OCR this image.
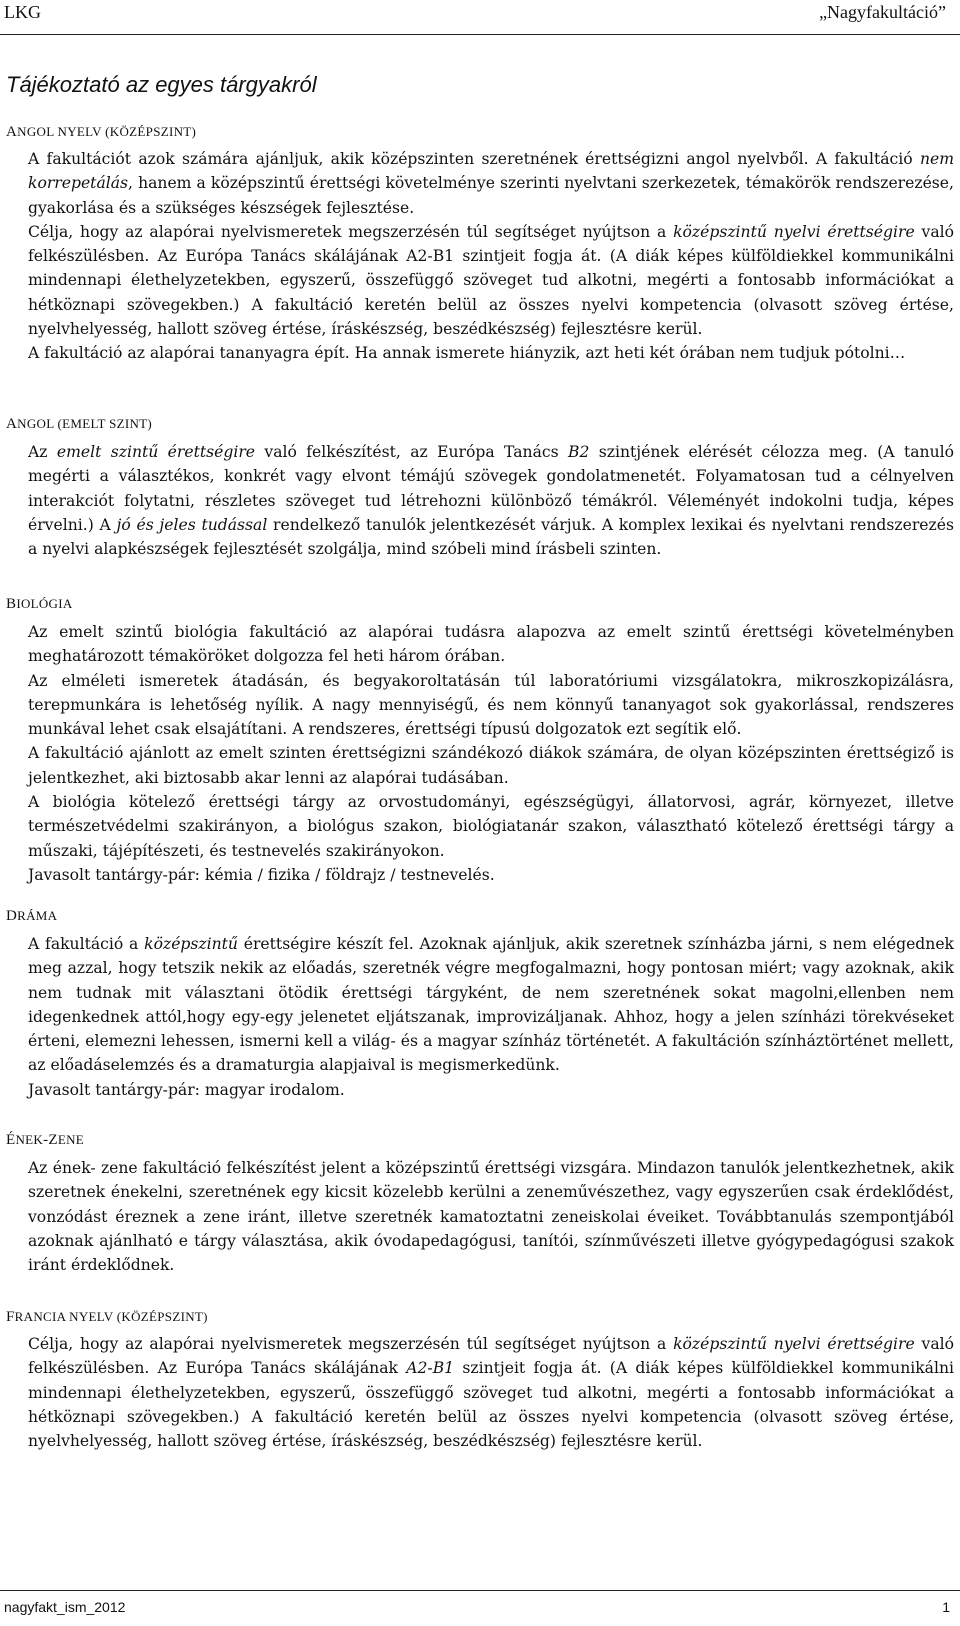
LKG	„Nagyfakultáció”
Tájékoztató az egyes tárgyakról
ANGOL NYELV (KÖZÉPSZINT)

A fakultációt azok számára ajánljuk, akik középszinten szeretnének érettségizni angol nyelvből. A fakultáció nem korrepetálás, hanem a középszintű érettségi követelménye szerinti nyelvtani szerkezetek, témakörök rendszerezése, gyakorlása és a szükséges készségek fejlesztése.

Célja, hogy az alapórai nyelvismeretek megszerzésén túl segítséget nyújtson a középszintű nyelvi érettségire való felkészülésben. Az Európa Tanács skálájának A2-B1 szintjeit fogja át. (A diák képes külföldiekkel kommunikálni mindennapi élethelyzetekben, egyszerű, összefüggő szöveget tud alkotni, megérti a fontosabb információkat a hétköznapi szövegekben.) A fakultáció keretén belül az összes nyelvi kompetencia (olvasott szöveg értése, nyelvhelyesség, hallott szöveg értése, íráskészség, beszédkészség) fejlesztésre kerül.

A fakultáció az alapórai tananyagra épít. Ha annak ismerete hiányzik, azt heti két órában nem tudjuk pótolni…

ANGOL (EMELT SZINT)

Az emelt szintű érettségire való felkészítést, az Európa Tanács B2 szintjének elérését célozza meg. (A tanuló megérti a választékos, konkrét vagy elvont témájú szövegek gondolatmenetét. Folyamatosan tud a célnyelven interakciót folytatni, részletes szöveget tud létrehozni különböző témákról. Véleményét indokolni tudja, képes érvelni.) A jó és jeles tudással rendelkező tanulók jelentkezését várjuk. A komplex lexikai és nyelvtani rendszerezés a nyelvi alapkészségek fejlesztését szolgálja, mind szóbeli mind írásbeli szinten.

BIOLÓGIA

Az emelt szintű biológia fakultáció az alapórai tudásra alapozva az emelt szintű érettségi követelményben meghatározott témaköröket dolgozza fel heti három órában.

Az elméleti ismeretek átadásán, és begyakoroltatásán túl laboratóriumi vizsgálatokra, mikroszkopizálásra, terepmunkára is lehetőség nyílik. A nagy mennyiségű, és nem könnyű tananyagot sok gyakorlással, rendszeres munkával lehet csak elsajátítani. A rendszeres, érettségi típusú dolgozatok ezt segítik elő.

A fakultáció ajánlott az emelt szinten érettségizni szándékozó diákok számára, de olyan középszinten érettségiző is jelentkezhet, aki biztosabb akar lenni az alapórai tudásában.

A biológia kötelező érettségi tárgy az orvostudományi, egészségügyi, állatorvosi, agrár, környezet, illetve természetvédelmi szakirányon, a biológus szakon, biológiatanár szakon, választható kötelező érettségi tárgy a műszaki, tájépítészeti, és testnevelés szakirányokon.

Javasolt tantárgy-pár: kémia / fizika / földrajz / testnevelés.

DRÁMA

A fakultáció a középszintű érettségire készít fel. Azoknak ajánljuk, akik szeretnek színházba járni, s nem elégednek meg azzal, hogy tetszik nekik az előadás, szeretnék végre megfogalmazni, hogy pontosan miért; vagy azoknak, akik nem tudnak mit választani ötödik érettségi tárgyként, de nem szeretnének sokat magolni,ellenben nem idegenkednek attól,hogy egy-egy jelenetet eljátszanak, improvizáljanak. Ahhoz, hogy a jelen színházi törekvéseket érteni, elemezni lehessen, ismerni kell a világ- és a magyar színház történetét. A fakultáción színháztörténet mellett, az előadáselemzés és a dramaturgia alapjaival is megismerkedünk.

Javasolt tantárgy-pár: magyar irodalom.

ÉNEK-ZENE

Az ének- zene fakultáció felkészítést jelent a középszintű érettségi vizsgára. Mindazon tanulók jelentkezhetnek, akik szeretnek énekelni, szeretnének egy kicsit közelebb kerülni a zeneművészethez, vagy egyszerűen csak érdeklődést, vonzódást éreznek a zene iránt, illetve szeretnék kamatoztatni zeneiskolai éveiket. Továbbtanulás szempontjából azoknak ajánlható e tárgy választása, akik óvodapedagógusi, tanítói, színművészeti illetve gyógypedagógusi szakok iránt érdeklődnek.

FRANCIA NYELV (KÖZÉPSZINT)

Célja, hogy az alapórai nyelvismeretek megszerzésén túl segítséget nyújtson a középszintű nyelvi érettségire való felkészülésben. Az Európa Tanács skálájának A2-B1 szintjeit fogja át. (A diák képes külföldiekkel kommunikálni mindennapi élethelyzetekben, egyszerű, összefüggő szöveget tud alkotni, megérti a fontosabb információkat a hétköznapi szövegekben.) A fakultáció keretén belül az összes nyelvi kompetencia (olvasott szöveg értése, nyelvhelyesség, hallott szöveg értése, íráskészség, beszédkészség) fejlesztésre kerül.

nagyfakt_ism_2012	1
